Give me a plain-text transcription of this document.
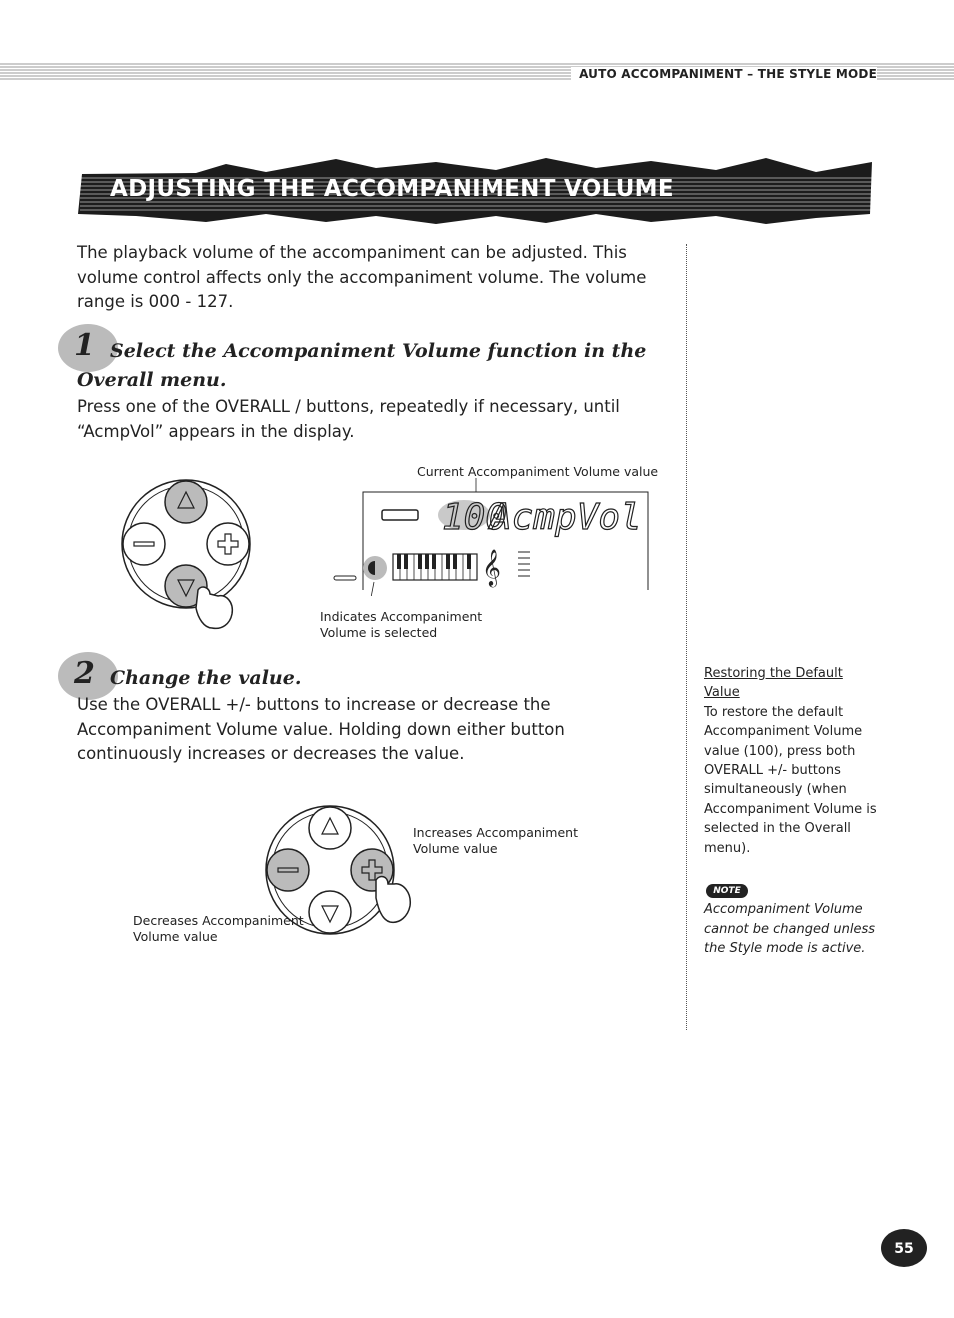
AUTO ACCOMPANIMENT – THE STYLE MODE
ADJUSTING THE ACCOMPANIMENT VOLUME
The playback volume of the accompaniment can be adjusted. This volume control affects only the accompaniment volume. The volume range is 000 - 127.
1 Select the Accompaniment Volume function in the Overall menu.
Press one of the OVERALL / buttons, repeatedly if necessary, until “AcmpVol” appears in the display.
Current Accompaniment Volume value
100
AcmpVol
𝄞
Indicates Accompaniment
Volume is selected
2 Change the value.
Use the OVERALL +/- buttons to increase or decrease the Accompaniment Volume value. Holding down either button continuously increases or decreases the value.
Increases Accompaniment
Volume value
Decreases Accompaniment
Volume value
Restoring the Default
Value
To restore the default Accompaniment Volume value (100), press both OVERALL +/- buttons simultaneously (when Accompaniment Volume is selected in the Overall menu).
NOTE
Accompaniment Volume cannot be changed unless the Style mode is active.
55
